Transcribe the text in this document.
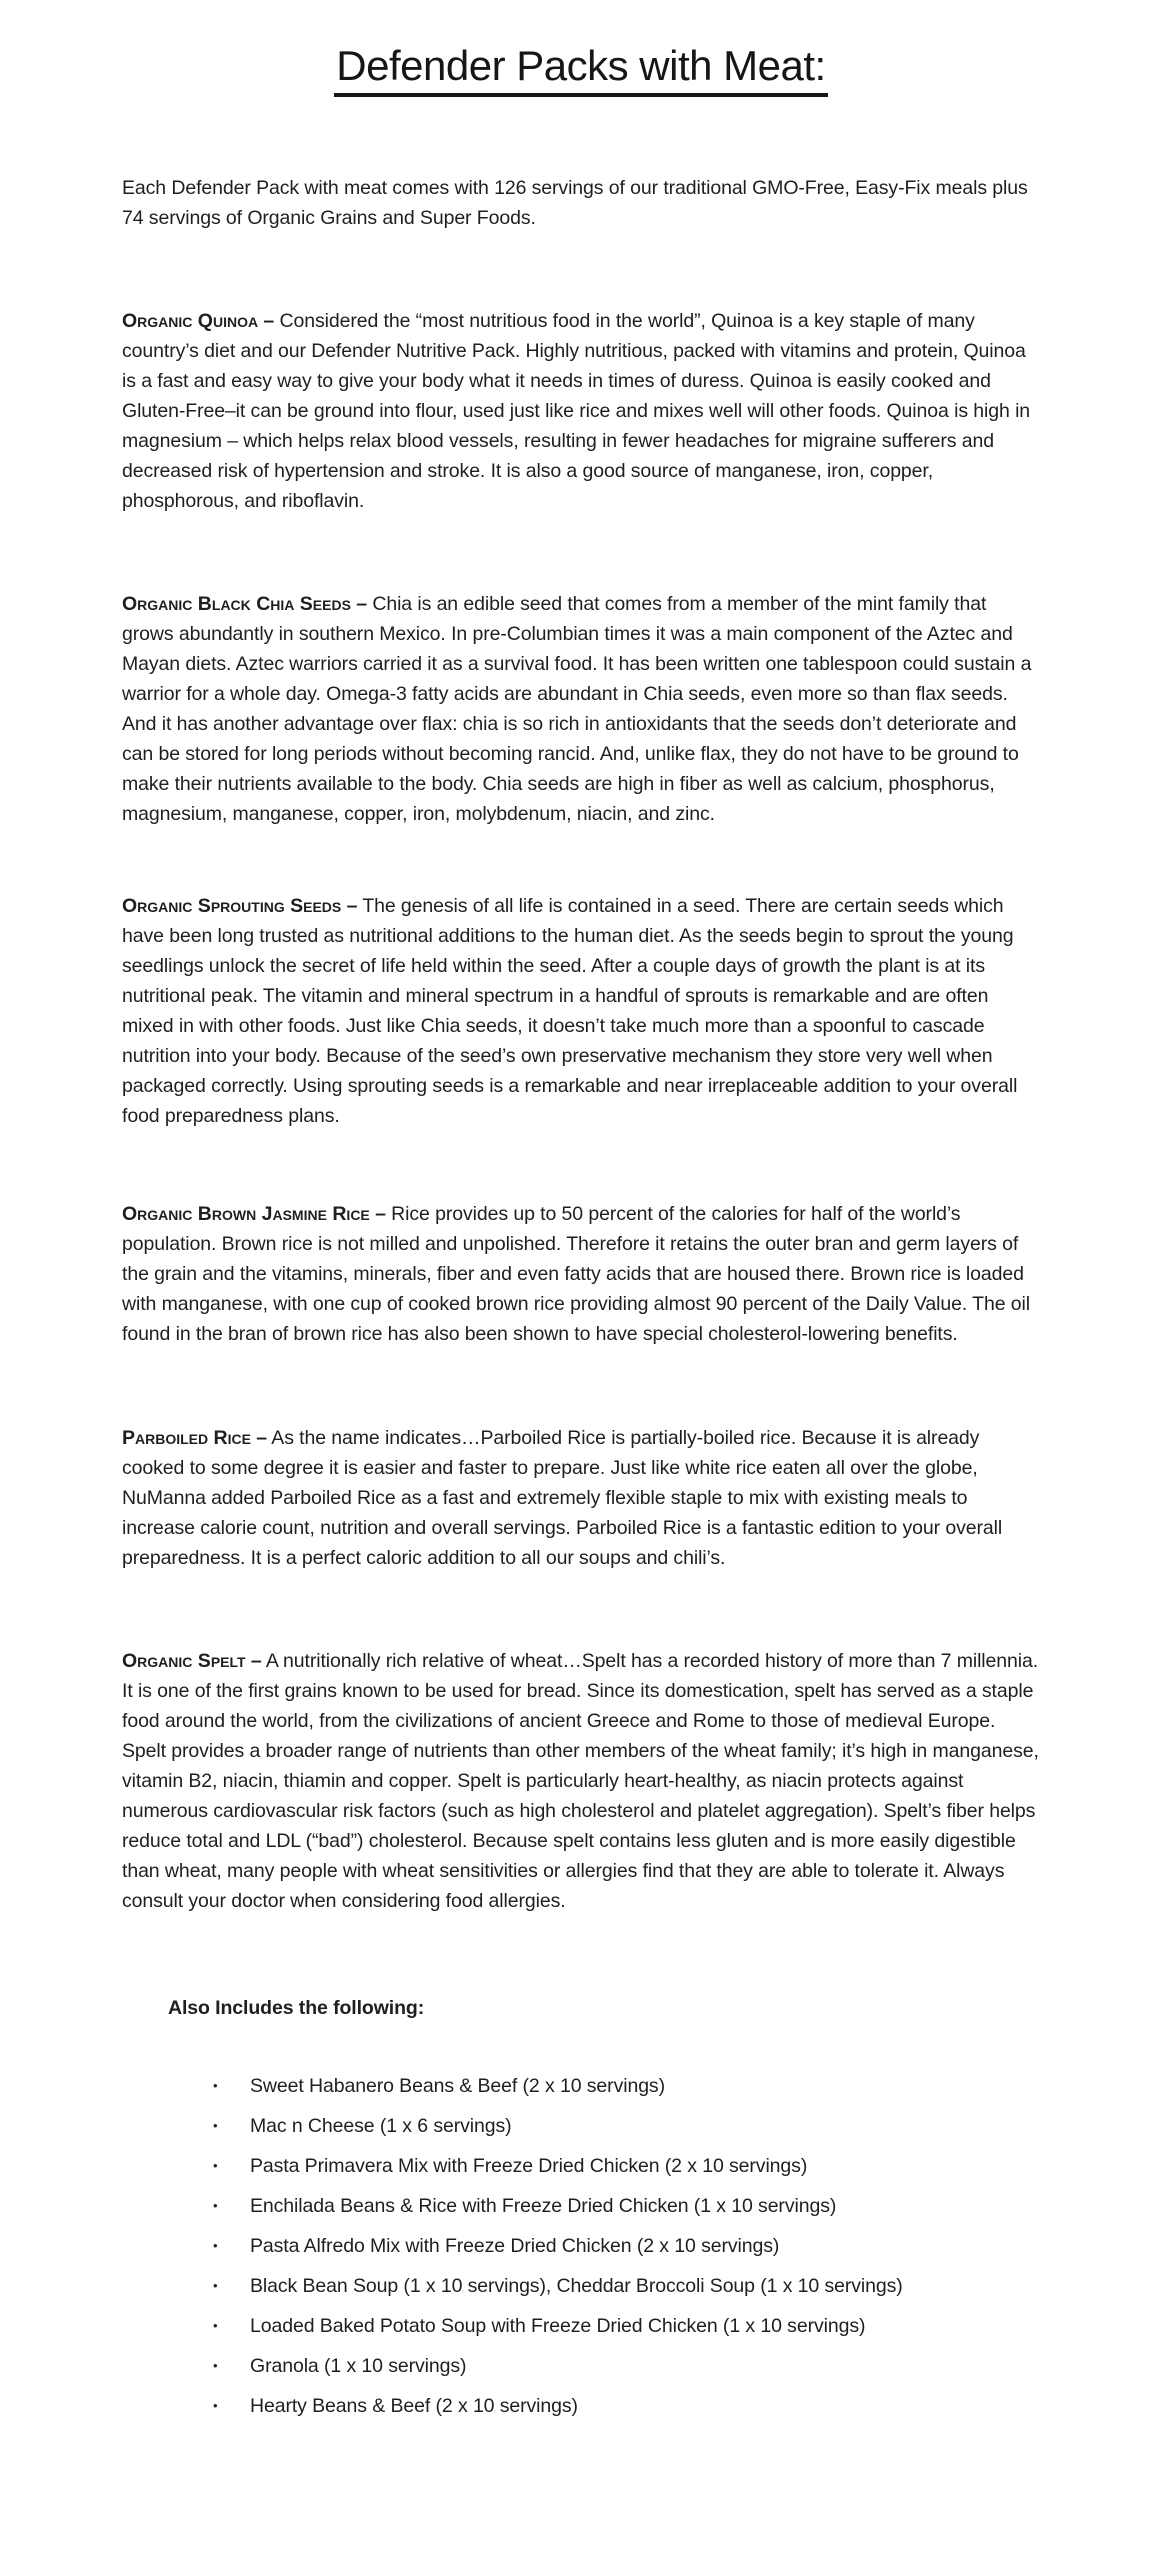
Defender Packs with Meat:

Each Defender Pack with meat comes with 126 servings of our traditional GMO-Free, Easy-Fix meals plus 74 servings of Organic Grains and Super Foods.

Organic Quinoa – Considered the “most nutritious food in the world”, Quinoa is a key staple of many country’s diet and our Defender Nutritive Pack. Highly nutritious, packed with vitamins and protein, Quinoa is a fast and easy way to give your body what it needs in times of duress. Quinoa is easily cooked and Gluten-Free–it can be ground into flour, used just like rice and mixes well will other foods. Quinoa is high in magnesium – which helps relax blood vessels, resulting in fewer headaches for migraine sufferers and decreased risk of hypertension and stroke. It is also a good source of manganese, iron, copper, phosphorous, and riboflavin.

Organic Black Chia Seeds – Chia is an edible seed that comes from a member of the mint family that grows abundantly in southern Mexico. In pre-Columbian times it was a main component of the Aztec and Mayan diets. Aztec warriors carried it as a survival food. It has been written one tablespoon could sustain a warrior for a whole day. Omega-3 fatty acids are abundant in Chia seeds, even more so than flax seeds. And it has another advantage over flax: chia is so rich in antioxidants that the seeds don’t deteriorate and can be stored for long periods without becoming rancid. And, unlike flax, they do not have to be ground to make their nutrients available to the body. Chia seeds are high in fiber as well as calcium, phosphorus, magnesium, manganese, copper, iron, molybdenum, niacin, and zinc.

Organic Sprouting Seeds – The genesis of all life is contained in a seed. There are certain seeds which have been long trusted as nutritional additions to the human diet. As the seeds begin to sprout the young seedlings unlock the secret of life held within the seed. After a couple days of growth the plant is at its nutritional peak. The vitamin and mineral spectrum in a handful of sprouts is remarkable and are often mixed in with other foods. Just like Chia seeds, it doesn’t take much more than a spoonful to cascade nutrition into your body. Because of the seed’s own preservative mechanism they store very well when packaged correctly. Using sprouting seeds is a remarkable and near irreplaceable addition to your overall food preparedness plans.

Organic Brown Jasmine Rice – Rice provides up to 50 percent of the calories for half of the world’s population. Brown rice is not milled and unpolished. Therefore it retains the outer bran and germ layers of the grain and the vitamins, minerals, fiber and even fatty acids that are housed there. Brown rice is loaded with manganese, with one cup of cooked brown rice providing almost 90 percent of the Daily Value. The oil found in the bran of brown rice has also been shown to have special cholesterol-lowering benefits.

Parboiled Rice – As the name indicates…Parboiled Rice is partially-boiled rice. Because it is already cooked to some degree it is easier and faster to prepare. Just like white rice eaten all over the globe, NuManna added Parboiled Rice as a fast and extremely flexible staple to mix with existing meals to increase calorie count, nutrition and overall servings. Parboiled Rice is a fantastic edition to your overall preparedness. It is a perfect caloric addition to all our soups and chili’s.

Organic Spelt – A nutritionally rich relative of wheat…Spelt has a recorded history of more than 7 millennia. It is one of the first grains known to be used for bread. Since its domestication, spelt has served as a staple food around the world, from the civilizations of ancient Greece and Rome to those of medieval Europe. Spelt provides a broader range of nutrients than other members of the wheat family; it’s high in manganese, vitamin B2, niacin, thiamin and copper. Spelt is particularly heart-healthy, as niacin protects against numerous cardiovascular risk factors (such as high cholesterol and platelet aggregation). Spelt’s fiber helps reduce total and LDL (“bad”) cholesterol. Because spelt contains less gluten and is more easily digestible than wheat, many people with wheat sensitivities or allergies find that they are able to tolerate it. Always consult your doctor when considering food allergies.

Also Includes the following:

•	Sweet Habanero Beans & Beef (2 x 10 servings)
•	Mac n Cheese (1 x 6 servings)
•	Pasta Primavera Mix with Freeze Dried Chicken (2 x 10 servings)
•	Enchilada Beans & Rice with Freeze Dried Chicken (1 x 10 servings)
•	Pasta Alfredo Mix with Freeze Dried Chicken (2 x 10 servings)
•	Black Bean Soup (1 x 10 servings), Cheddar Broccoli Soup (1 x 10 servings)
•	Loaded Baked Potato Soup with Freeze Dried Chicken (1 x 10 servings)
•	Granola (1 x 10 servings)
•	Hearty Beans & Beef (2 x 10 servings)
